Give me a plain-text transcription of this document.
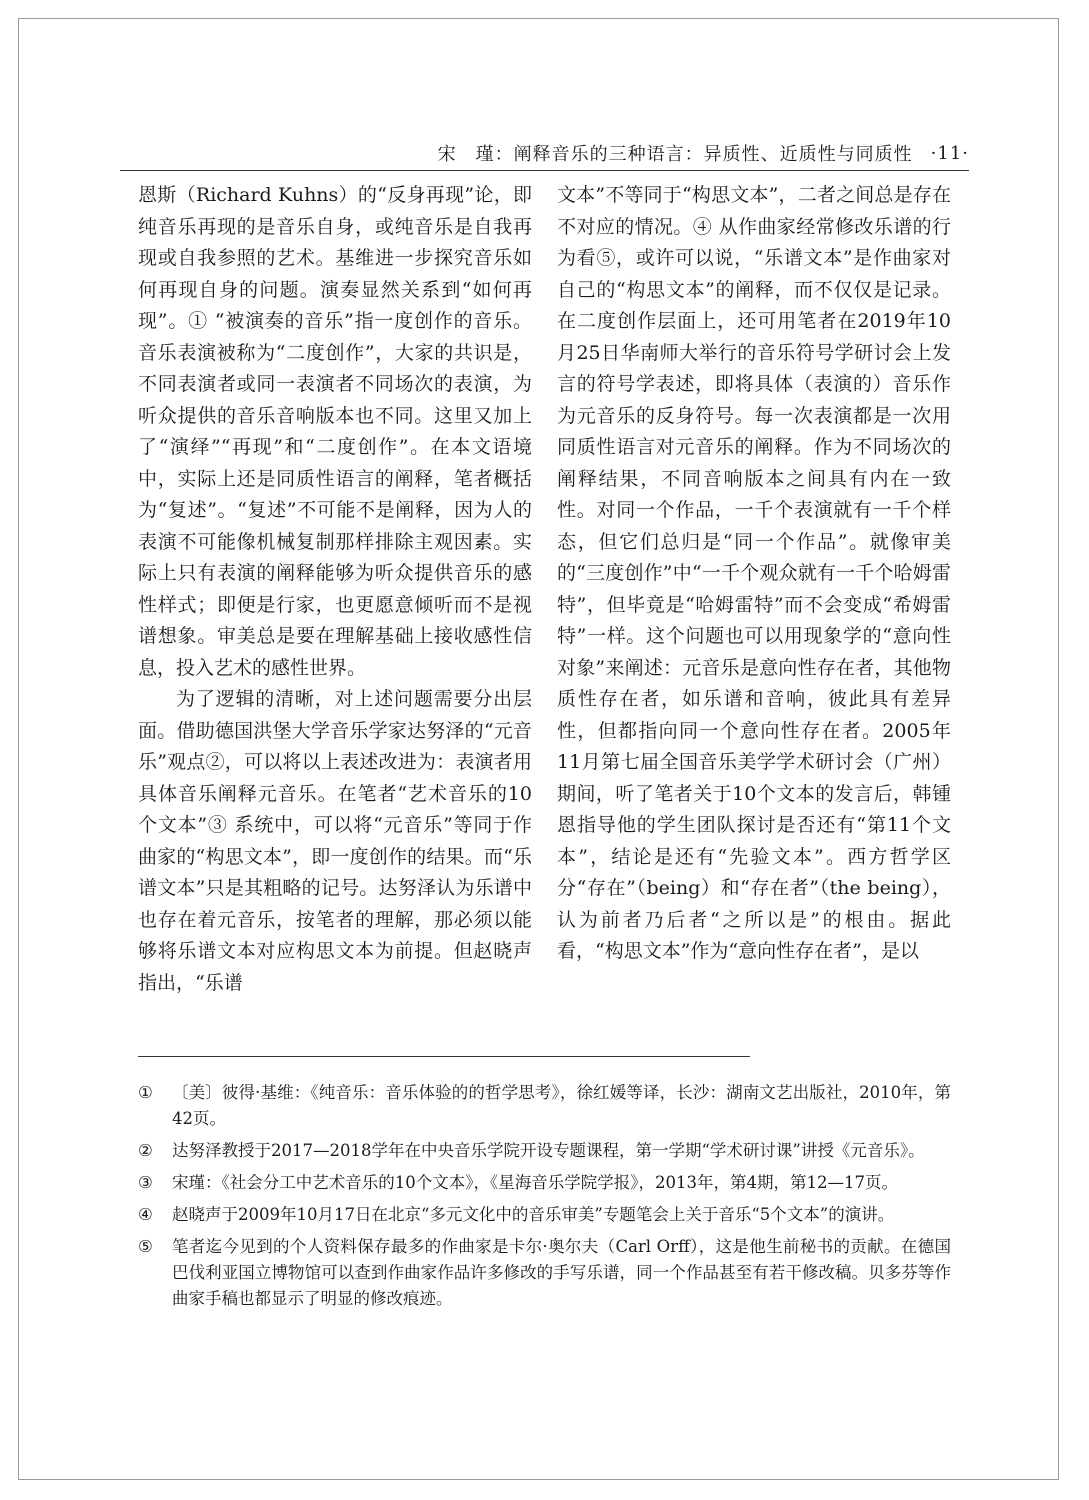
宋　瑾：阐释音乐的三种语言：异质性、近质性与同质性 ·11·

恩斯（Richard Kuhns）的“反身再现”论，即纯音乐再现的是音乐自身，或纯音乐是自我再现或自我参照的艺术。基维进一步探究音乐如何再现自身的问题。演奏显然关系到“如何再现”。① “被演奏的音乐”指一度创作的音乐。音乐表演被称为“二度创作”，大家的共识是，不同表演者或同一表演者不同场次的表演，为听众提供的音乐音响版本也不同。这里又加上了“演绎”“再现”和“二度创作”。在本文语境中，实际上还是同质性语言的阐释，笔者概括为“复述”。“复述”不可能不是阐释，因为人的表演不可能像机械复制那样排除主观因素。实际上只有表演的阐释能够为听众提供音乐的感性样式；即便是行家，也更愿意倾听而不是视谱想象。审美总是要在理解基础上接收感性信息，投入艺术的感性世界。

为了逻辑的清晰，对上述问题需要分出层面。借助德国洪堡大学音乐学家达努泽的“元音乐”观点②，可以将以上表述改进为：表演者用具体音乐阐释元音乐。在笔者“艺术音乐的10个文本”③ 系统中，可以将“元音乐”等同于作曲家的“构思文本”，即一度创作的结果。而“乐谱文本”只是其粗略的记号。达努泽认为乐谱中也存在着元音乐，按笔者的理解，那必须以能够将乐谱文本对应构思文本为前提。但赵晓声指出，“乐谱

文本”不等同于“构思文本”，二者之间总是存在不对应的情况。④ 从作曲家经常修改乐谱的行为看⑤，或许可以说，“乐谱文本”是作曲家对自己的“构思文本”的阐释，而不仅仅是记录。在二度创作层面上，还可用笔者在2019年10月25日华南师大举行的音乐符号学研讨会上发言的符号学表述，即将具体（表演的）音乐作为元音乐的反身符号。每一次表演都是一次用同质性语言对元音乐的阐释。作为不同场次的阐释结果，不同音响版本之间具有内在一致性。对同一个作品，一千个表演就有一千个样态，但它们总归是“同一个作品”。就像审美的“三度创作”中“一千个观众就有一千个哈姆雷特”，但毕竟是“哈姆雷特”而不会变成“希姆雷特”一样。这个问题也可以用现象学的“意向性对象”来阐述：元音乐是意向性存在者，其他物质性存在者，如乐谱和音响，彼此具有差异性，但都指向同一个意向性存在者。2005年11月第七届全国音乐美学学术研讨会（广州）期间，听了笔者关于10个文本的发言后，韩锺恩指导他的学生团队探讨是否还有“第11个文本”，结论是还有“先验文本”。西方哲学区分“存在”（being）和“存在者”（the being），认为前者乃后者“之所以是”的根由。据此看，“构思文本”作为“意向性存在者”，是以

①	〔美〕彼得·基维：《纯音乐：音乐体验的的哲学思考》，徐红媛等译，长沙：湖南文艺出版社，2010年，第42页。
②	达努泽教授于2017—2018学年在中央音乐学院开设专题课程，第一学期“学术研讨课”讲授《元音乐》。
③	宋瑾：《社会分工中艺术音乐的10个文本》，《星海音乐学院学报》，2013年，第4期，第12—17页。
④	赵晓声于2009年10月17日在北京“多元文化中的音乐审美”专题笔会上关于音乐“5个文本”的演讲。
⑤	笔者迄今见到的个人资料保存最多的作曲家是卡尔·奥尔夫（Carl Orff），这是他生前秘书的贡献。在德国巴伐利亚国立博物馆可以查到作曲家作品许多修改的手写乐谱，同一个作品甚至有若干修改稿。贝多芬等作曲家手稿也都显示了明显的修改痕迹。
